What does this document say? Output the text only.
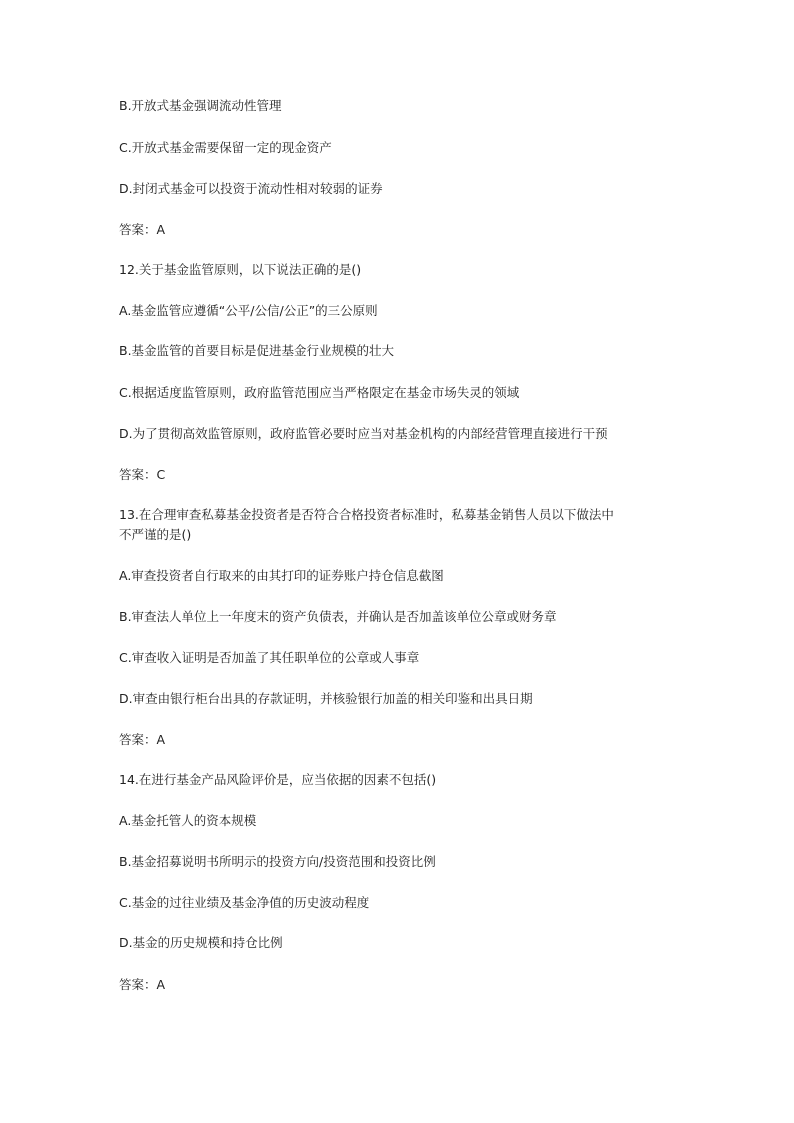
B.开放式基金强调流动性管理
C.开放式基金需要保留一定的现金资产
D.封闭式基金可以投资于流动性相对较弱的证券
答案：A
12.关于基金监管原则，以下说法正确的是()
A.基金监管应遵循“公平/公信/公正”的三公原则
B.基金监管的首要目标是促进基金行业规模的壮大
C.根据适度监管原则，政府监管范围应当严格限定在基金市场失灵的领域
D.为了贯彻高效监管原则，政府监管必要时应当对基金机构的内部经营管理直接进行干预
答案：C
13.在合理审查私募基金投资者是否符合合格投资者标准时，私募基金销售人员以下做法中
不严谨的是()
A.审查投资者自行取来的由其打印的证券账户持仓信息截图
B.审查法人单位上一年度末的资产负债表，并确认是否加盖该单位公章或财务章
C.审查收入证明是否加盖了其任职单位的公章或人事章
D.审查由银行柜台出具的存款证明，并核验银行加盖的相关印鉴和出具日期
答案：A
14.在进行基金产品风险评价是，应当依据的因素不包括()
A.基金托管人的资本规模
B.基金招募说明书所明示的投资方向/投资范围和投资比例
C.基金的过往业绩及基金净值的历史波动程度
D.基金的历史规模和持仓比例
答案：A
